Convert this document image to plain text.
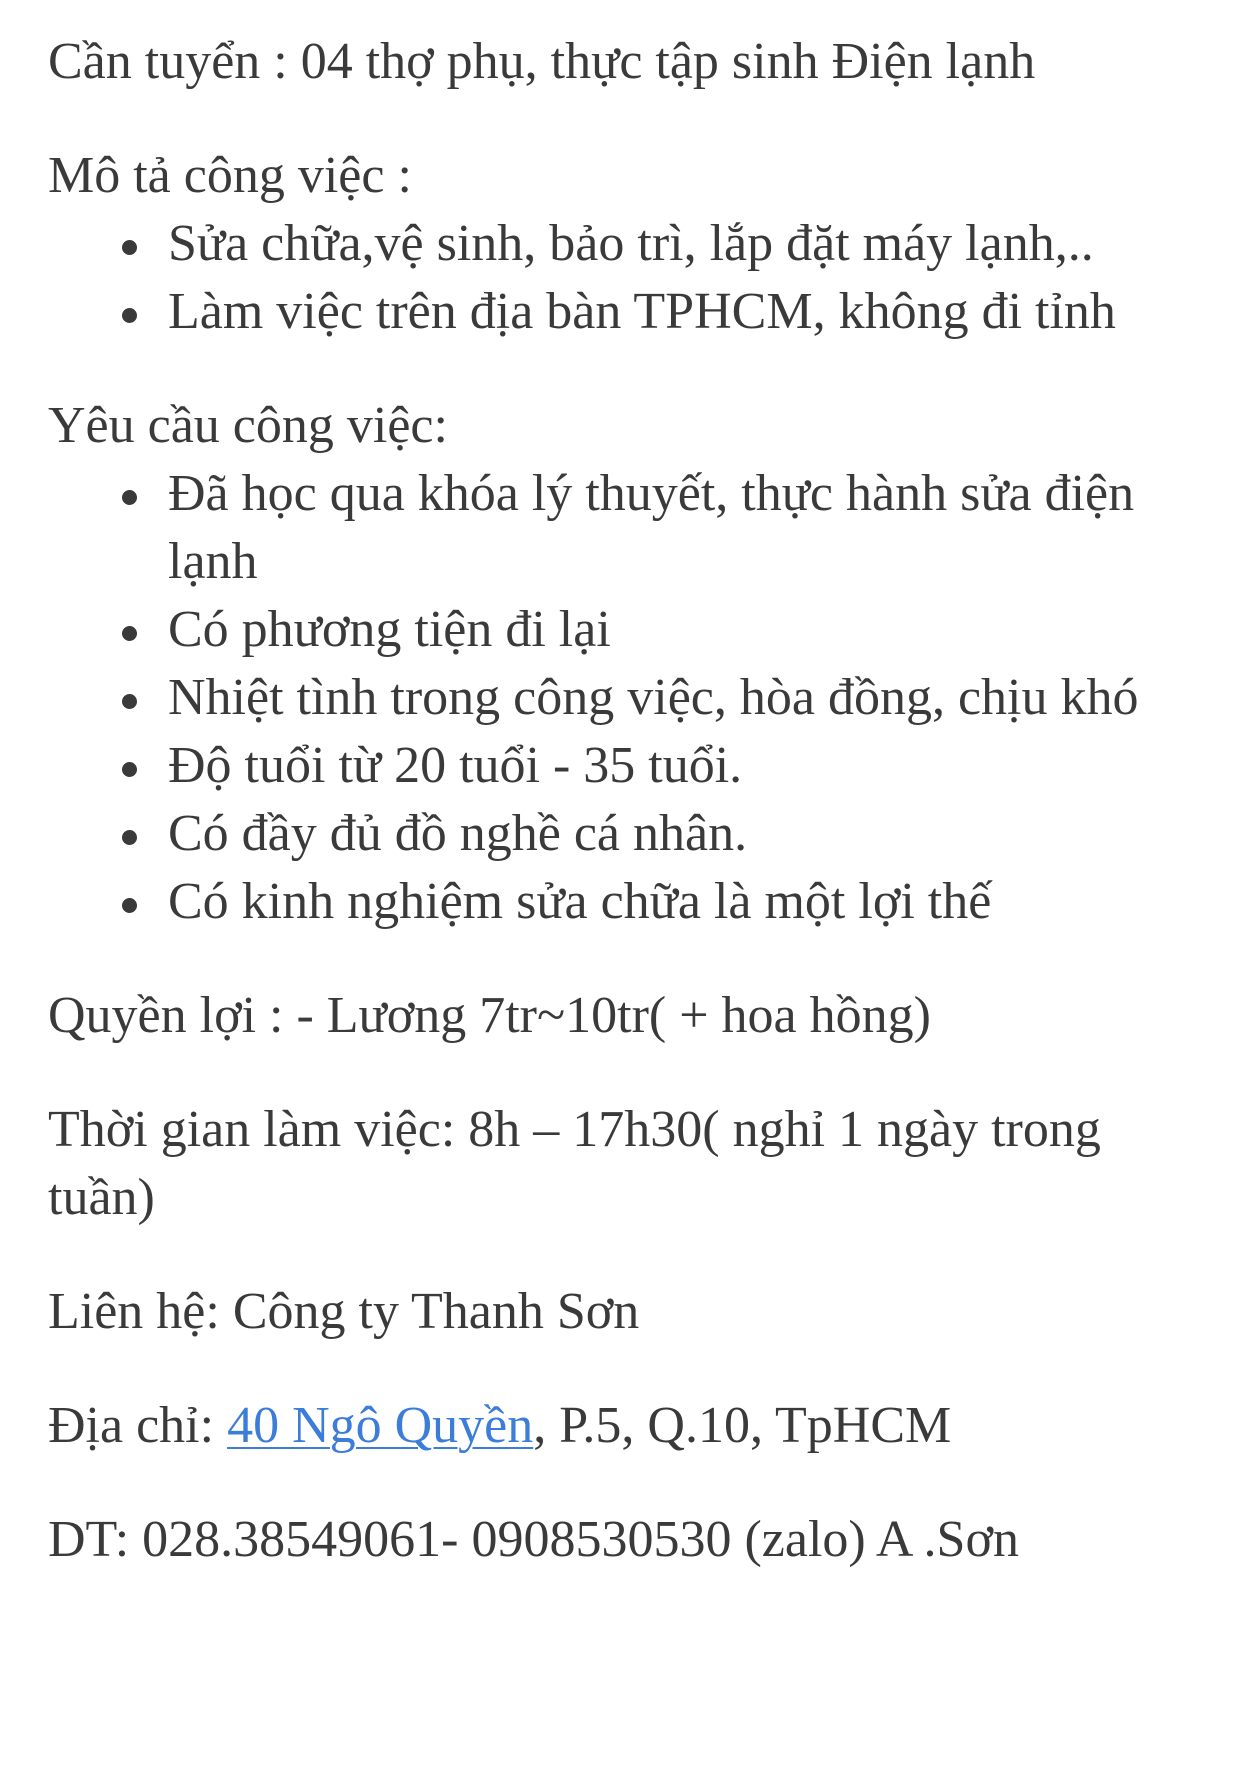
Cần tuyển : 04 thợ phụ, thực tập sinh Điện lạnh

Mô tả công việc :

Sửa chữa,vệ sinh, bảo trì, lắp đặt máy lạnh,..
Làm việc trên địa bàn TPHCM, không đi tỉnh

Yêu cầu công việc:

Đã học qua khóa lý thuyết, thực hành sửa điện lạnh
Có phương tiện đi lại
Nhiệt tình trong công việc, hòa đồng, chịu khó
Độ tuổi từ 20 tuổi - 35 tuổi.
Có đầy đủ đồ nghề cá nhân.
Có kinh nghiệm sửa chữa là một lợi thế

Quyền lợi : - Lương 7tr~10tr( + hoa hồng)

Thời gian làm việc: 8h – 17h30( nghỉ 1 ngày trong tuần)

Liên hệ: Công ty Thanh Sơn

Địa chỉ: 40 Ngô Quyền, P.5, Q.10, TpHCM

DT: 028.38549061- 0908530530 (zalo) A .Sơn
